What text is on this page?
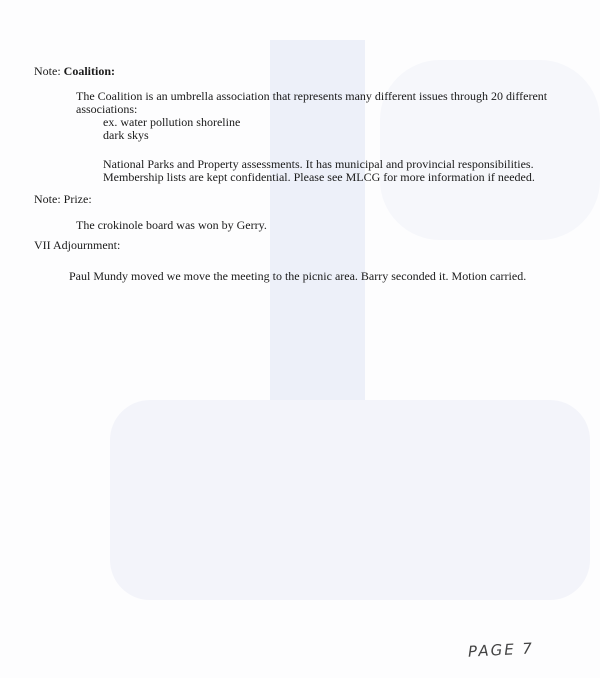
Note: Coalition:
The Coalition is an umbrella association that represents many different issues through 20 different
associations:
ex. water pollution shoreline
dark skys
National Parks and Property assessments. It has municipal and provincial responsibilities.
Membership lists are kept confidential. Please see MLCG for more information if needed.
Note: Prize:
The crokinole board was won by Gerry.
VII Adjournment:
Paul Mundy moved we move the meeting to the picnic area. Barry seconded it. Motion carried.
PAGE 7
